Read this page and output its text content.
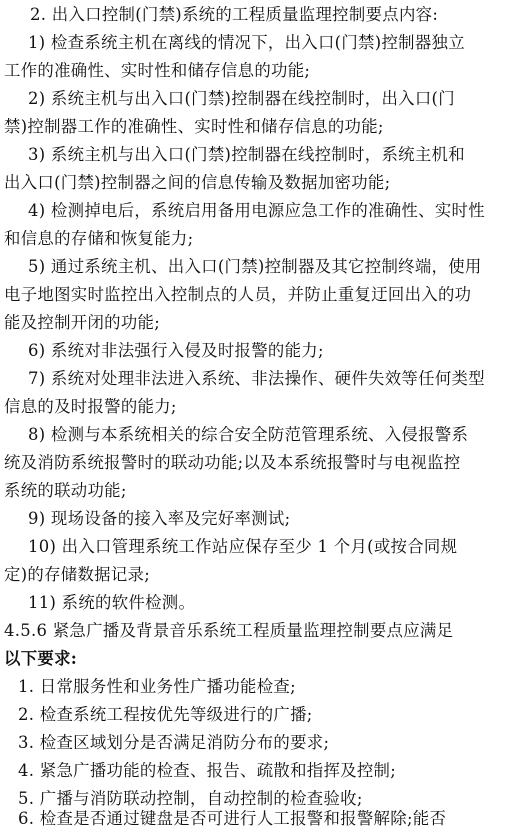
2. 出入口控制(门禁)系统的工程质量监理控制要点内容:
1) 检查系统主机在离线的情况下，出入口(门禁)控制器独立
工作的准确性、实时性和储存信息的功能;
2) 系统主机与出入口(门禁)控制器在线控制时，出入口(门
禁)控制器工作的准确性、实时性和储存信息的功能;
3) 系统主机与出入口(门禁)控制器在线控制时，系统主机和
出入口(门禁)控制器之间的信息传输及数据加密功能;
4) 检测掉电后，系统启用备用电源应急工作的准确性、实时性
和信息的存储和恢复能力;
5) 通过系统主机、出入口(门禁)控制器及其它控制终端，使用
电子地图实时监控出入控制点的人员，并防止重复迂回出入的功
能及控制开闭的功能;
6) 系统对非法强行入侵及时报警的能力;
7) 系统对处理非法进入系统、非法操作、硬件失效等任何类型
信息的及时报警的能力;
8) 检测与本系统相关的综合安全防范管理系统、入侵报警系
统及消防系统报警时的联动功能;以及本系统报警时与电视监控
系统的联动功能;
9) 现场设备的接入率及完好率测试;
10) 出入口管理系统工作站应保存至少 1 个月(或按合同规
定)的存储数据记录;
11) 系统的软件检测。
4.5.6 紧急广播及背景音乐系统工程质量监理控制要点应满足
以下要求:
1. 日常服务性和业务性广播功能检查;
2. 检查系统工程按优先等级进行的广播;
3. 检查区域划分是否满足消防分布的要求;
4. 紧急广播功能的检查、报告、疏散和指挥及控制;
5. 广播与消防联动控制，自动控制的检查验收;
6. 检查是否通过键盘是否可进行人工报警和报警解除;能否
